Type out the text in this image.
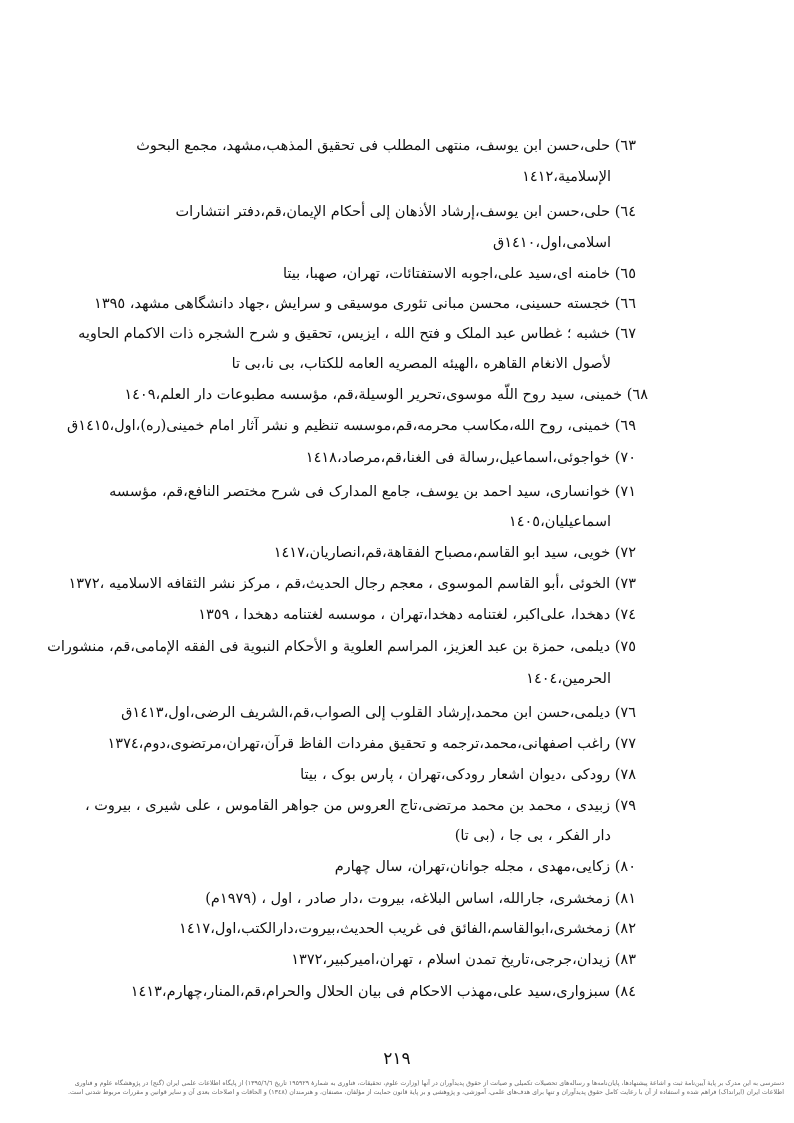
٦٣) حلی،حسن ابن یوسف، منتهی المطلب فی تحقیق المذهب،مشهد، مجمع البحوث
الإسلامیة،١٤١٢
٦٤) حلی،حسن ابن یوسف،إرشاد الأذهان إلی أحکام الإیمان،قم،دفتر انتشارات
اسلامی،اول،١٤١٠ق
٦٥) خامنه ای،سید علی،اجوبه الاستفتائات، تهران، صهبا، بیتا
٦٦) خجسته حسینی، محسن مبانی تئوری موسیقی و سرایش ،جهاد دانشگاهی مشهد، ١٣٩٥
٦٧) خشبه ؛ غطاس عبد الملک و فتح الله ، ایزیس، تحقیق و شرح الشجره ذات الاکمام الحاویه
لأصول الانغام القاهره ،الهیئه المصریه العامه للکتاب، بی نا،بی تا
٦٨) خمینی، سید روح اللّه موسوی،تحریر الوسیلة،قم، مؤسسه مطبوعات دار العلم،١٤٠٩
٦٩) خمینی، روح الله،مکاسب محرمه،قم،موسسه تنظیم و نشر آثار امام خمینی(ره)،اول،١٤١٥ق
٧٠) خواجوئی،اسماعیل،رسالة فی الغنا،قم،مرصاد،١٤١٨
٧١) خوانساری، سید احمد بن یوسف، جامع المدارک فی شرح مختصر النافع،قم، مؤسسه
اسماعیلیان،١٤٠٥
٧٢) خویی، سید ابو القاسم،مصباح الفقاهة،قم،انصاریان،١٤١٧
٧٣) الخوئی ،أبو القاسم الموسوی ، معجم رجال الحدیث،قم ، مرکز نشر الثقافه الاسلامیه ،١٣٧٢
٧٤) دهخدا، علی‌اکبر، لغتنامه دهخدا،تهران ، موسسه لغتنامه دهخدا ، ١٣٥٩
٧٥) دیلمی، حمزة بن عبد العزیز، المراسم العلویة و الأحکام النبویة فی الفقه الإمامی،قم، منشورات
الحرمین،١٤٠٤
٧٦) دیلمی،حسن ابن محمد،إرشاد القلوب إلی الصواب،قم،الشریف الرضی،اول،١٤١٣ق
٧٧) راغب اصفهانی،محمد،ترجمه و تحقیق مفردات الفاظ قرآن،تهران،مرتضوی،دوم،١٣٧٤
٧٨) رودکی ،دیوان اشعار رودکی،تهران ، پارس بوک ، بیتا
٧٩) زبیدی ، محمد بن محمد مرتضی،تاج العروس من جواهر القاموس ، علی شیری ، بیروت ،
دار الفکر ، بی جا ، (بی تا)
٨٠) زکایی،مهدی ، مجله جوانان،تهران، سال چهارم
٨١) زمخشری، جارالله، اساس البلاغه، بیروت ،دار صادر ، اول ، (١٩٧٩م)
٨٢) زمخشری،ابوالقاسم،الفائق فی غریب الحدیث،بیروت،دارالکتب،اول،١٤١٧
٨٣) زیدان،جرجی،تاریخ تمدن اسلام ، تهران،امیرکبیر،١٣٧٢
٨٤) سبزواری،سید علی،مهذب الاحکام فی بیان الحلال والحرام،قم،المنار،چهارم،١٤١٣
٢١٩
دسترسی به این مدرک بر پایهٔ آیین‌نامهٔ ثبت و اشاعهٔ پیشنهادها، پایان‌نامه‌ها و رساله‌های تحصیلات تکمیلی و صیانت از حقوق پدیدآوران در آنها (وزارت علوم، تحقیقات، فناوری به شمارهٔ ١٩٥٩٢٩ تاریخ ١٣٩٥/٦/٦) از پایگاه اطلاعات علمی ایران (گنج) در پژوهشگاه علوم و فناوری
اطلاعات ایران (ایرانداک) فراهم شده و استفاده از آن با رعایت کامل حقوق پدیدآوران و تنها برای هدف‌های علمی، آموزشی، و پژوهشی و بر پایهٔ قانون حمایت از مؤلفان، مصنفان، و هنرمندان (١٣٤٨) و الحاقات و اصلاحات بعدی آن و سایر قوانین و مقررات مربوط شدنی است.
